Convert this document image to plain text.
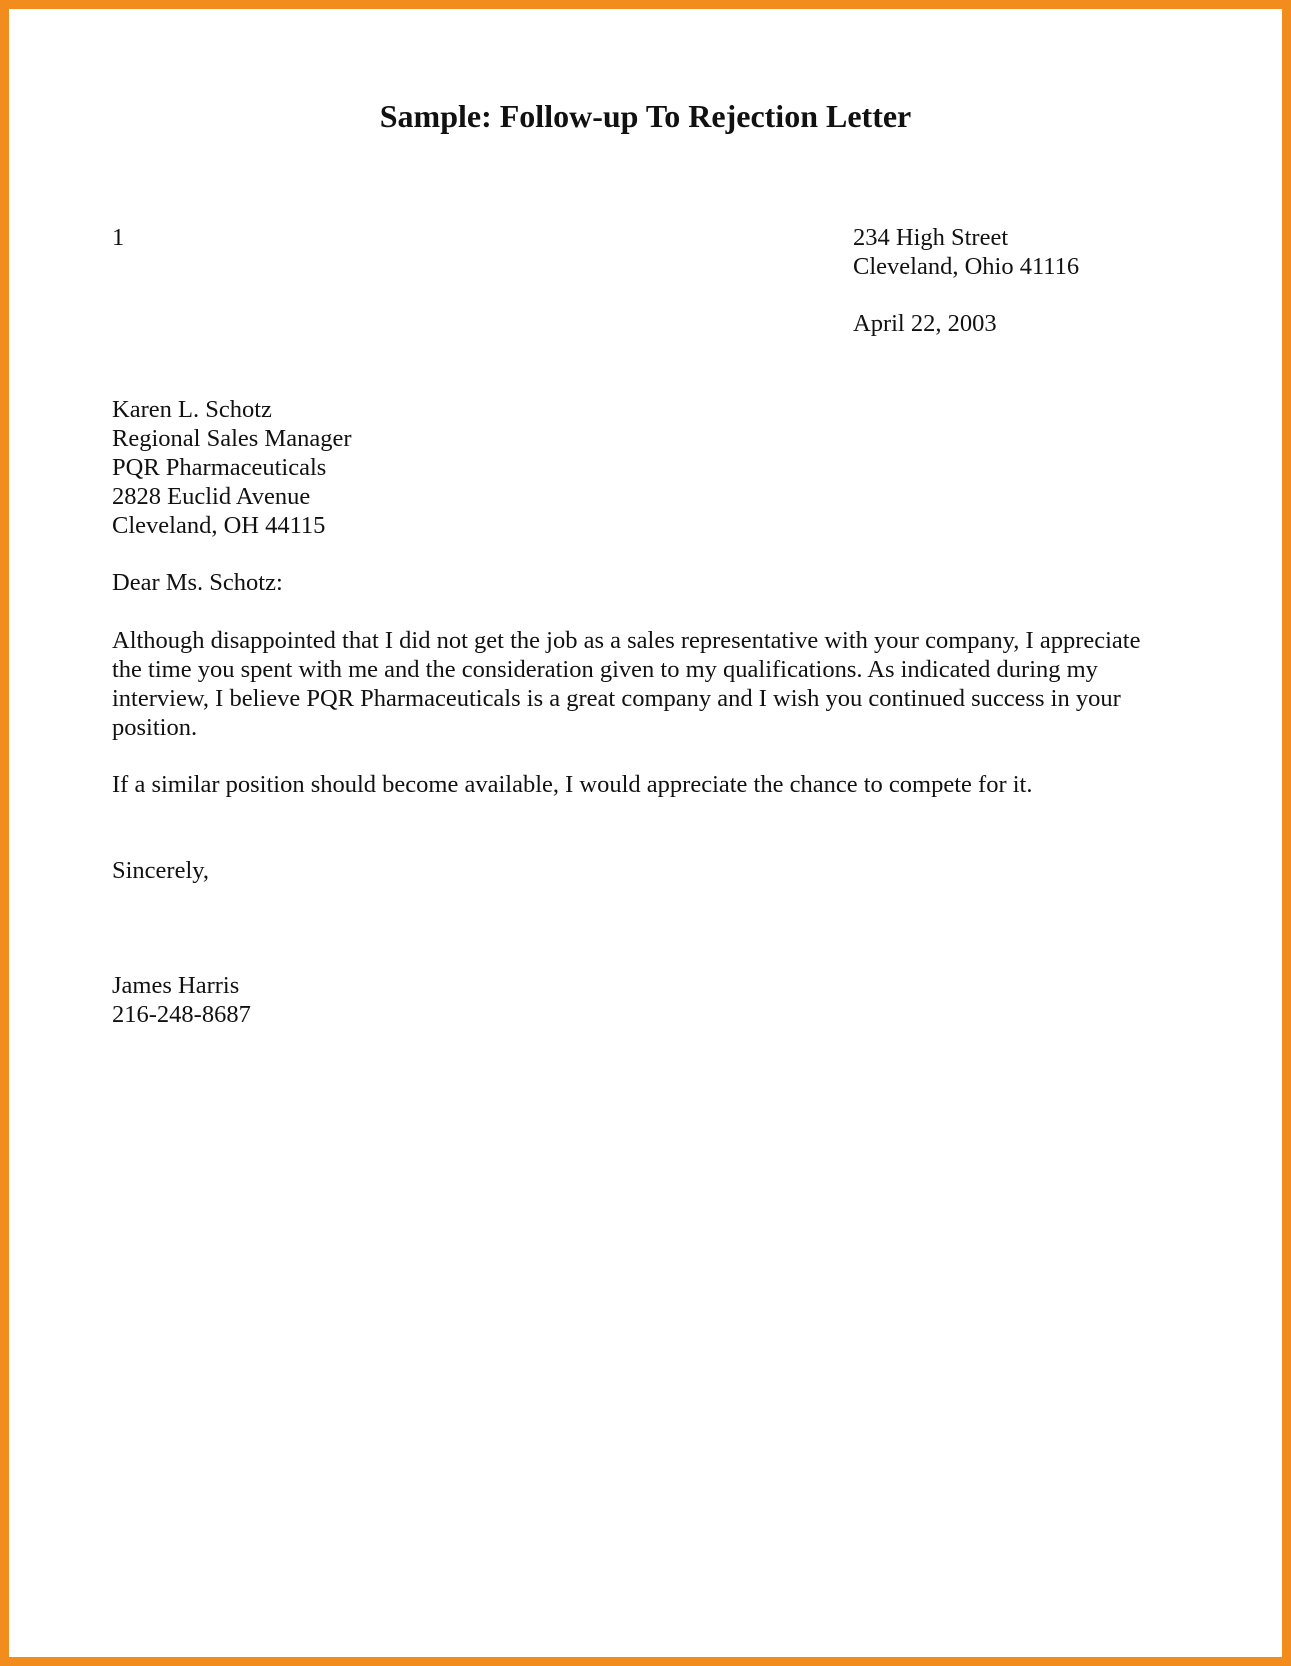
Sample: Follow-up To Rejection Letter
1	234 High Street
Cleveland, Ohio 41116
April 22, 2003
Karen L. Schotz
Regional Sales Manager
PQR Pharmaceuticals
2828 Euclid Avenue
Cleveland, OH 44115
Dear Ms. Schotz:

Although disappointed that I did not get the job as a sales representative with your company, I appreciate
the time you spent with me and the consideration given to my qualifications. As indicated during my
interview, I believe PQR Pharmaceuticals is a great company and I wish you continued success in your
position.

If a similar position should become available, I would appreciate the chance to compete for it.

Sincerely,
James Harris
216-248-8687
